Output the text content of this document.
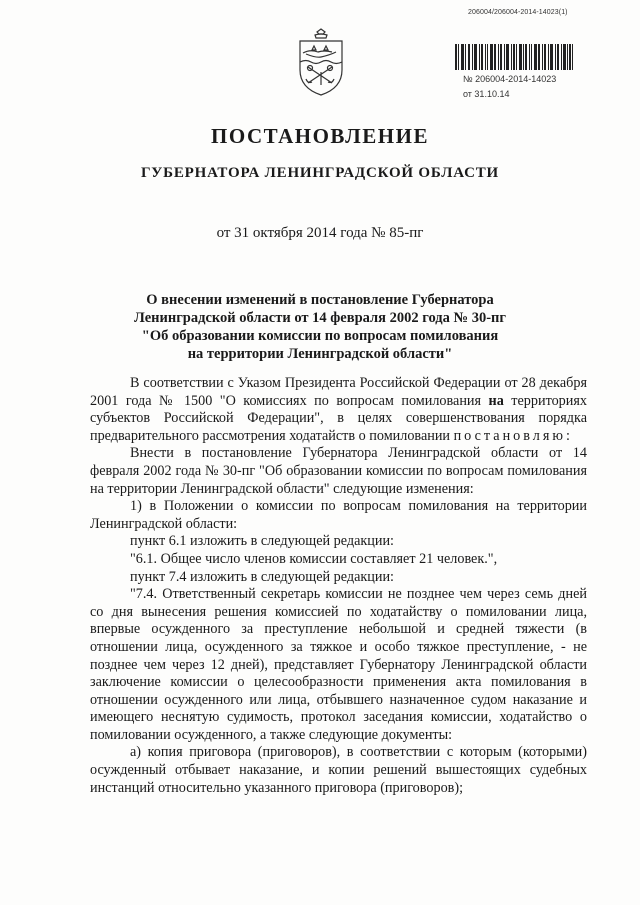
206004/206004-2014-14023(1)
№ 206004-2014-14023
от 31.10.14
ПОСТАНОВЛЕНИЕ
ГУБЕРНАТОРА ЛЕНИНГРАДСКОЙ ОБЛАСТИ
от 31 октября 2014 года № 85-пг
О внесении изменений в постановление Губернатора
Ленинградской области от 14 февраля 2002 года № 30-пг
"Об образовании комиссии по вопросам помилования
на территории Ленинградской области"

В соответствии с Указом Президента Российской Федерации от 28 декабря 2001 года № 1500 "О комиссиях по вопросам помилования на территориях субъектов Российской Федерации", в целях совершенствования порядка предварительного рассмотрения ходатайств о помиловании постановляю:

Внести в постановление Губернатора Ленинградской области от 14 февраля 2002 года № 30-пг "Об образовании комиссии по вопросам помилования на территории Ленинградской области" следующие изменения:

1) в Положении о комиссии по вопросам помилования на территории Ленинградской области:

пункт 6.1 изложить в следующей редакции:

"6.1. Общее число членов комиссии составляет 21 человек.",

пункт 7.4 изложить в следующей редакции:

"7.4. Ответственный секретарь комиссии не позднее чем через семь дней со дня вынесения решения комиссией по ходатайству о помиловании лица, впервые осужденного за преступление небольшой и средней тяжести (в отношении лица, осужденного за тяжкое и особо тяжкое преступление, - не позднее чем через 12 дней), представляет Губернатору Ленинградской области заключение комиссии о целесообразности применения акта помилования в отношении осужденного или лица, отбывшего назначенное судом наказание и имеющего неснятую судимость, протокол заседания комиссии, ходатайство о помиловании осужденного, а также следующие документы:

а) копия приговора (приговоров), в соответствии с которым (которыми) осужденный отбывает наказание, и копии решений вышестоящих судебных инстанций относительно указанного приговора (приговоров);
